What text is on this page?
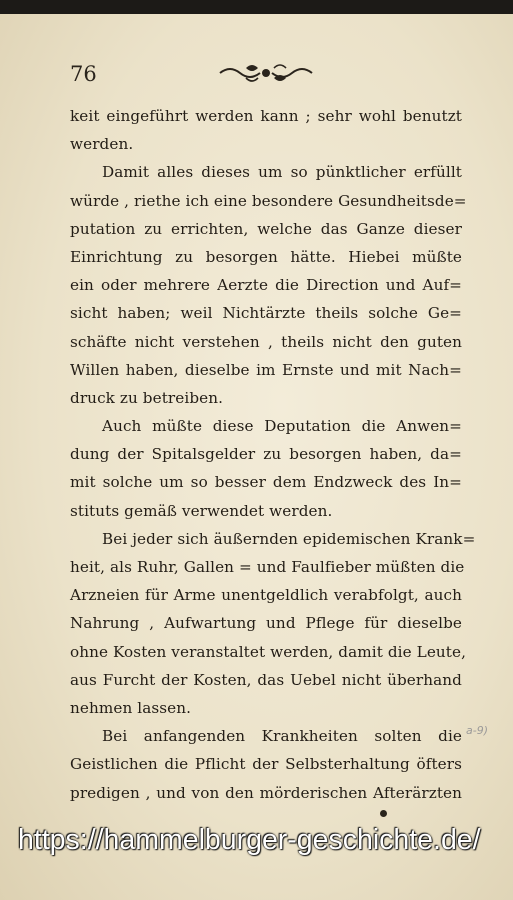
76
keit eingeführt werden kann ; sehr wohl benutzt
werden.
Damit alles dieses um so pünktlicher erfüllt
würde , riethe ich eine besondere Gesundheitsde=
putation zu errichten, welche das Ganze dieser
Einrichtung zu besorgen hätte. Hiebei müßte
ein oder mehrere Aerzte die Direction und Auf=
sicht haben; weil Nichtärzte theils solche Ge=
schäfte nicht verstehen , theils nicht den guten
Willen haben, dieselbe im Ernste und mit Nach=
druck zu betreiben.
Auch müßte diese Deputation die Anwen=
dung der Spitalsgelder zu besorgen haben, da=
mit solche um so besser dem Endzweck des In=
stituts gemäß verwendet werden.
Bei jeder sich äußernden epidemischen Krank=
heit, als Ruhr, Gallen = und Faulfieber müßten die
Arzneien für Arme unentgeldlich verabfolgt, auch
Nahrung , Aufwartung und Pflege für dieselbe
ohne Kosten veranstaltet werden, damit die Leute,
aus Furcht der Kosten, das Uebel nicht überhand
nehmen lassen.
Bei anfangenden Krankheiten solten die
Geistlichen die Pflicht der Selbsterhaltung öfters
predigen , und von den mörderischen Afterärzten
a-9)
https://hammelburger-geschichte.de/
